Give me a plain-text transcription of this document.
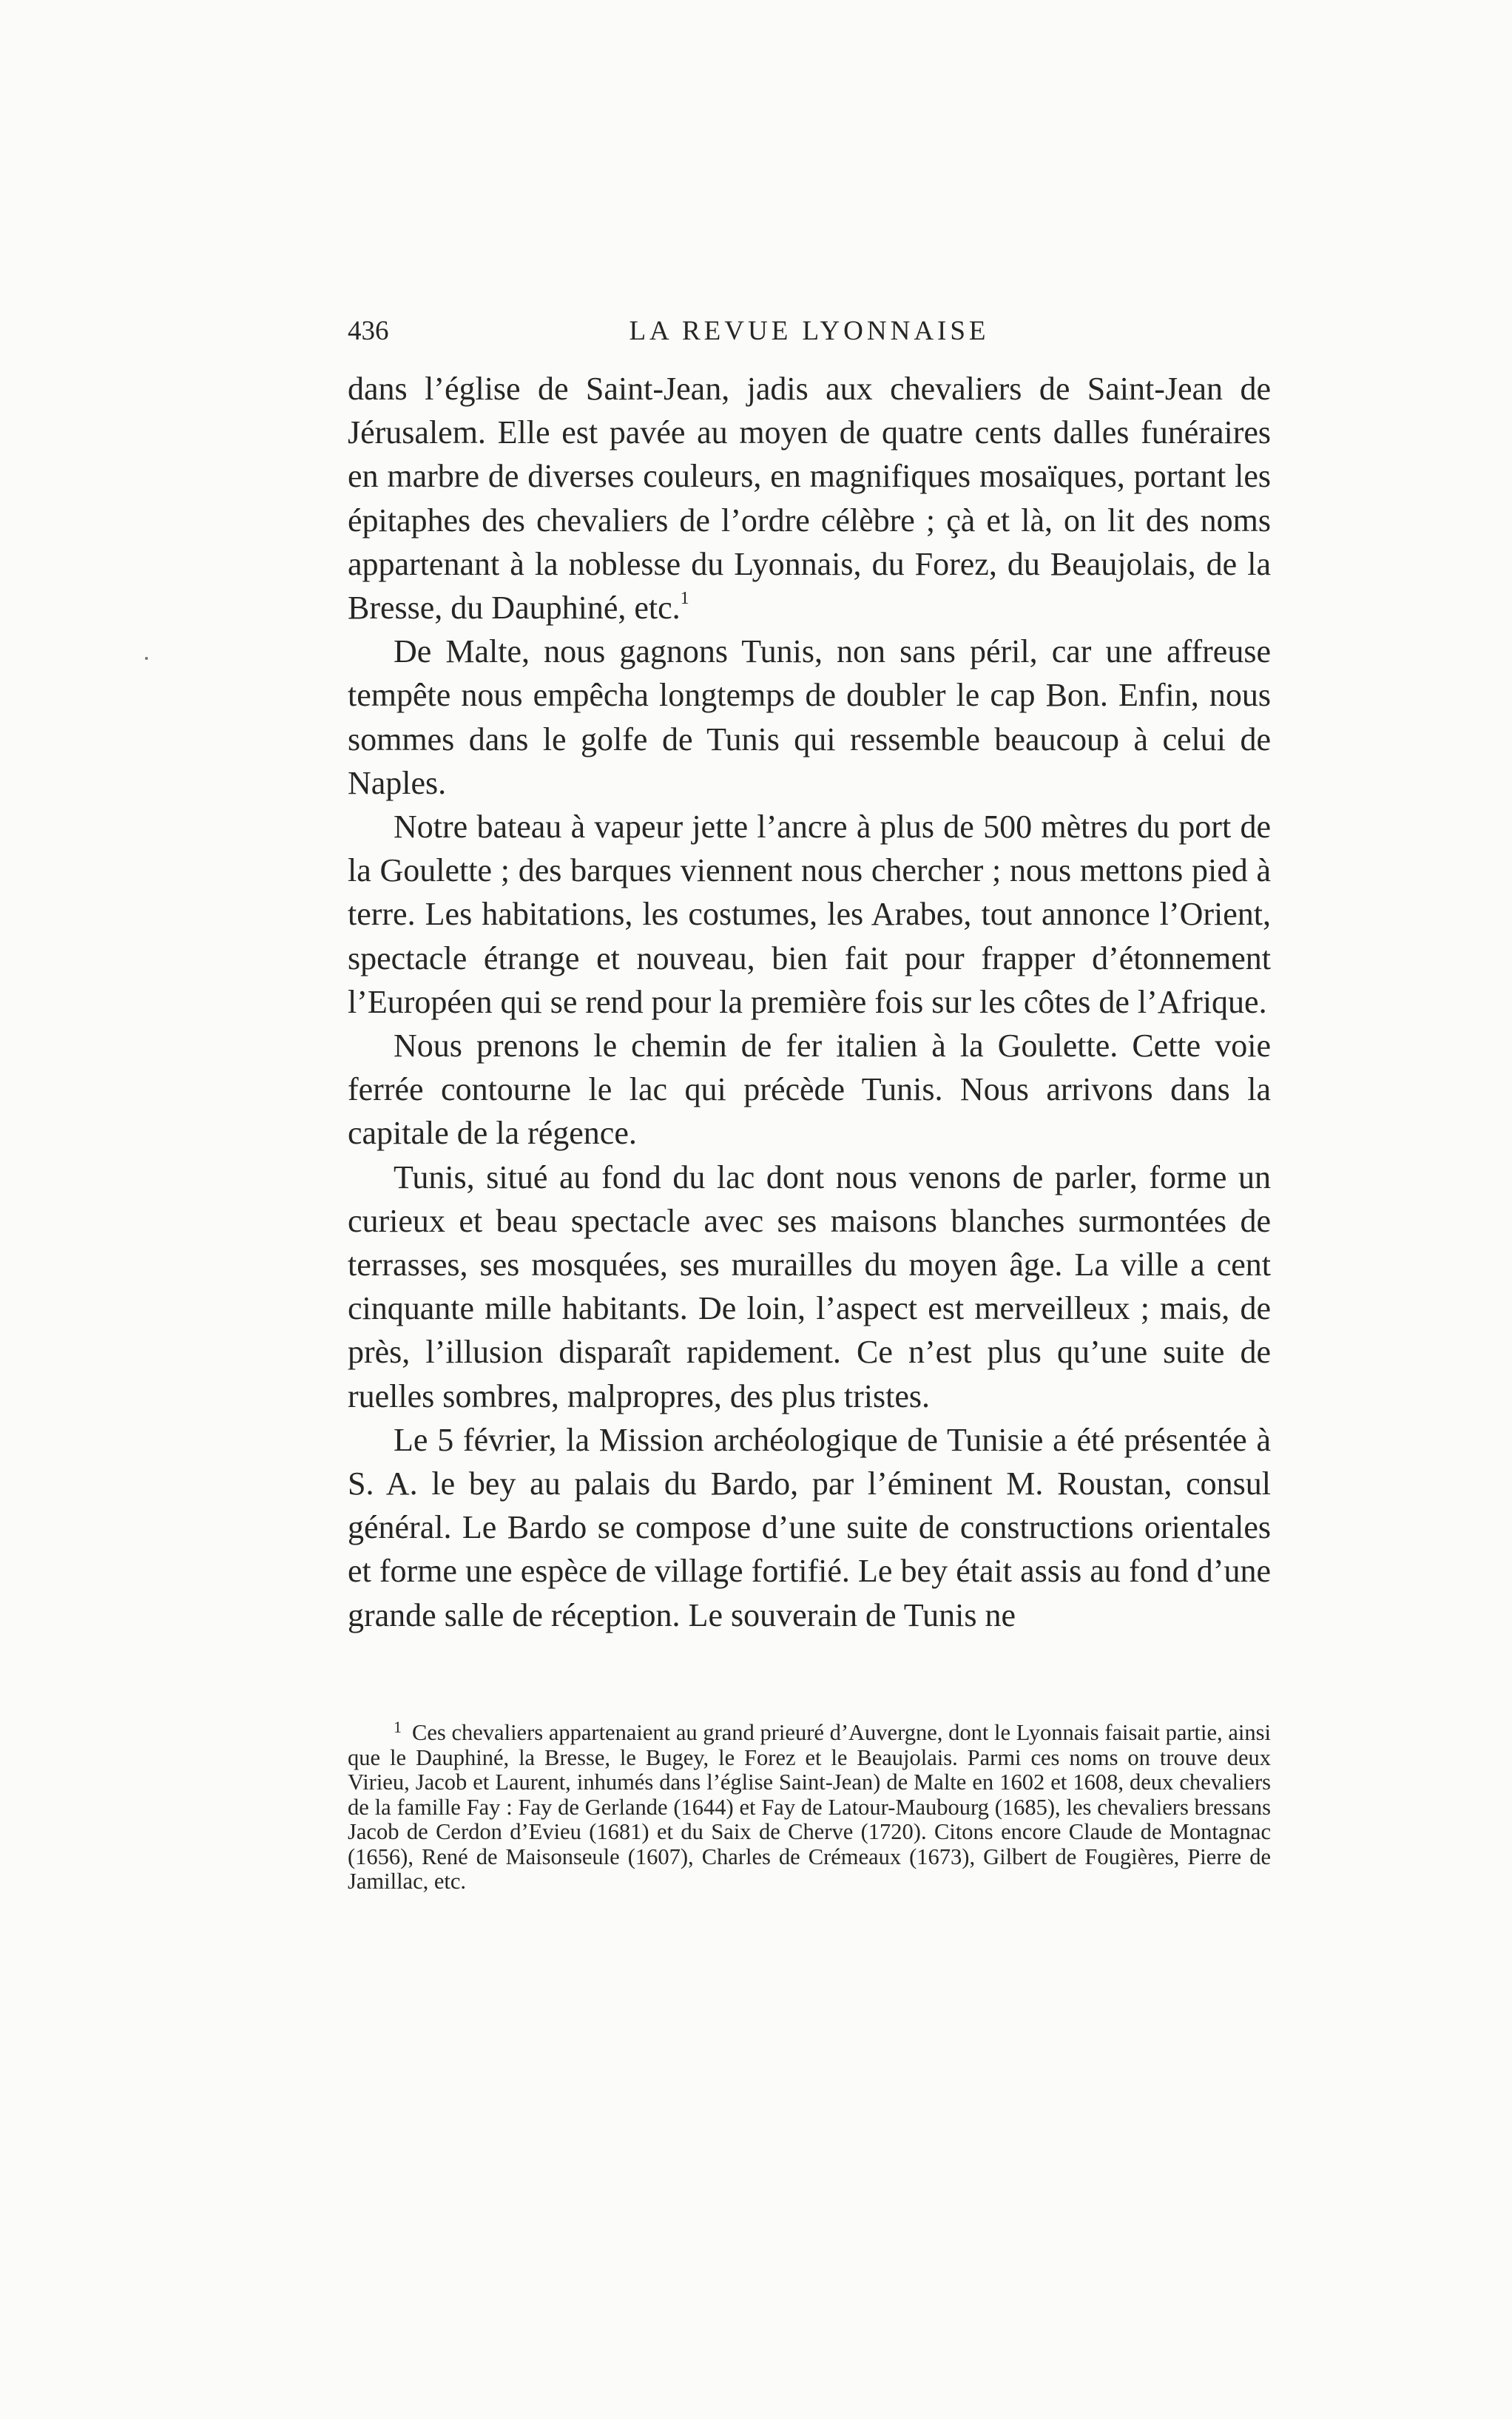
436	LA REVUE LYONNAISE

dans l’église de Saint-Jean, jadis aux chevaliers de Saint-Jean de Jérusalem. Elle est pavée au moyen de quatre cents dalles funéraires en marbre de diverses couleurs, en magnifiques mosaïques, portant les épitaphes des chevaliers de l’ordre célèbre ; çà et là, on lit des noms appartenant à la noblesse du Lyonnais, du Forez, du Beaujolais, de la Bresse, du Dauphiné, etc.$^1$

De Malte, nous gagnons Tunis, non sans péril, car une affreuse tempête nous empêcha longtemps de doubler le cap Bon. Enfin, nous sommes dans le golfe de Tunis qui ressemble beaucoup à celui de Naples.

Notre bateau à vapeur jette l’ancre à plus de 500 mètres du port de la Goulette ; des barques viennent nous chercher ; nous mettons pied à terre. Les habitations, les costumes, les Arabes, tout annonce l’Orient, spectacle étrange et nouveau, bien fait pour frapper d’étonnement l’Européen qui se rend pour la première fois sur les côtes de l’Afrique.

Nous prenons le chemin de fer italien à la Goulette. Cette voie ferrée contourne le lac qui précède Tunis. Nous arrivons dans la capitale de la régence.

Tunis, situé au fond du lac dont nous venons de parler, forme un curieux et beau spectacle avec ses maisons blanches surmontées de terrasses, ses mosquées, ses murailles du moyen âge. La ville a cent cinquante mille habitants. De loin, l’aspect est merveilleux ; mais, de près, l’illusion disparaît rapidement. Ce n’est plus qu’une suite de ruelles sombres, malpropres, des plus tristes.

Le 5 février, la Mission archéologique de Tunisie a été présentée à S. A. le bey au palais du Bardo, par l’éminent M. Roustan, consul général. Le Bardo se compose d’une suite de constructions orientales et forme une espèce de village fortifié. Le bey était assis au fond d’une grande salle de réception. Le souverain de Tunis ne

$^1$ Ces chevaliers appartenaient au grand prieuré d’Auvergne, dont le Lyonnais faisait partie, ainsi que le Dauphiné, la Bresse, le Bugey, le Forez et le Beaujolais. Parmi ces noms on trouve deux Virieu, Jacob et Laurent, inhumés dans l’église Saint-Jean) de Malte en 1602 et 1608, deux chevaliers de la famille Fay : Fay de Gerlande (1644) et Fay de Latour-Maubourg (1685), les chevaliers bressans Jacob de Cerdon d’Evieu (1681) et du Saix de Cherve (1720). Citons encore Claude de Montagnac (1656), René de Maisonseule (1607), Charles de Crémeaux (1673), Gilbert de Fougières, Pierre de Jamillac, etc.
